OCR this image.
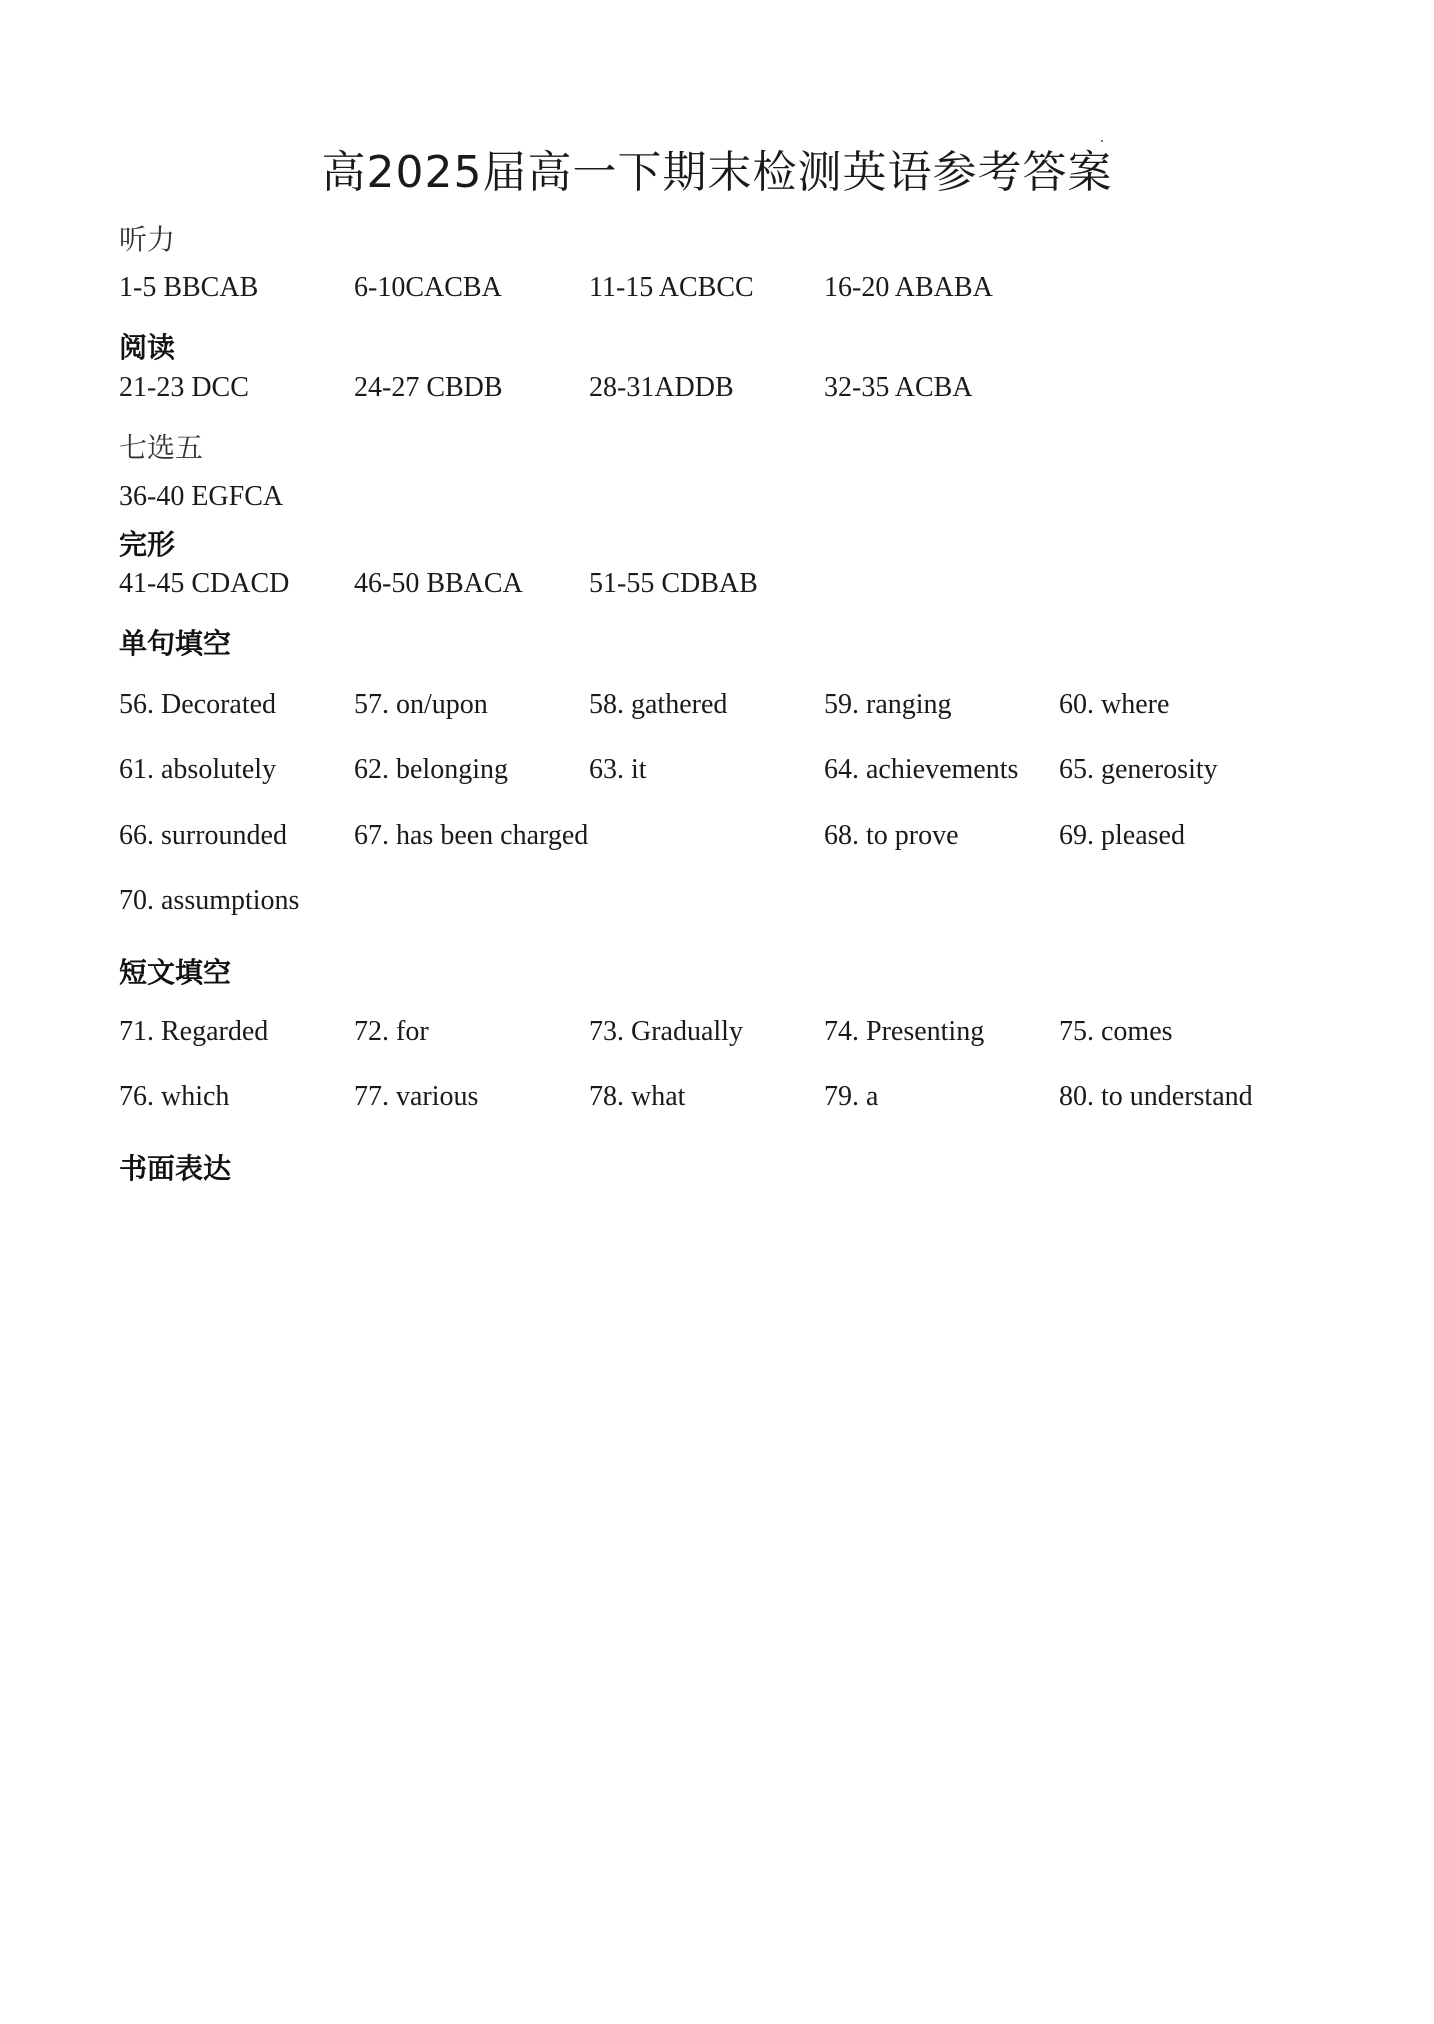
高2025届高一下期末检测英语参考答案
听力
1-5 BBCAB	6-10CACBA	11-15 ACBCC	16-20 ABABA
阅读
21-23 DCC	24-27 CBDB	28-31ADDB	32-35 ACBA
七选五
36-40 EGFCA
完形
41-45 CDACD 46-50 BBACA 51-55 CDBAB
单句填空
56. Decorated	57. on/upon	58. gathered	59. ranging	60. where
61. absolutely	62. belonging	63. it	64. achievements 65. generosity
66. surrounded 67. has been charged	68. to prove	69. pleased
70. assumptions
短文填空
71. Regarded	72. for	73. Gradually	74. Presenting	75. comes
76. which	77. various	78. what	79. a	80. to understand
书面表达
